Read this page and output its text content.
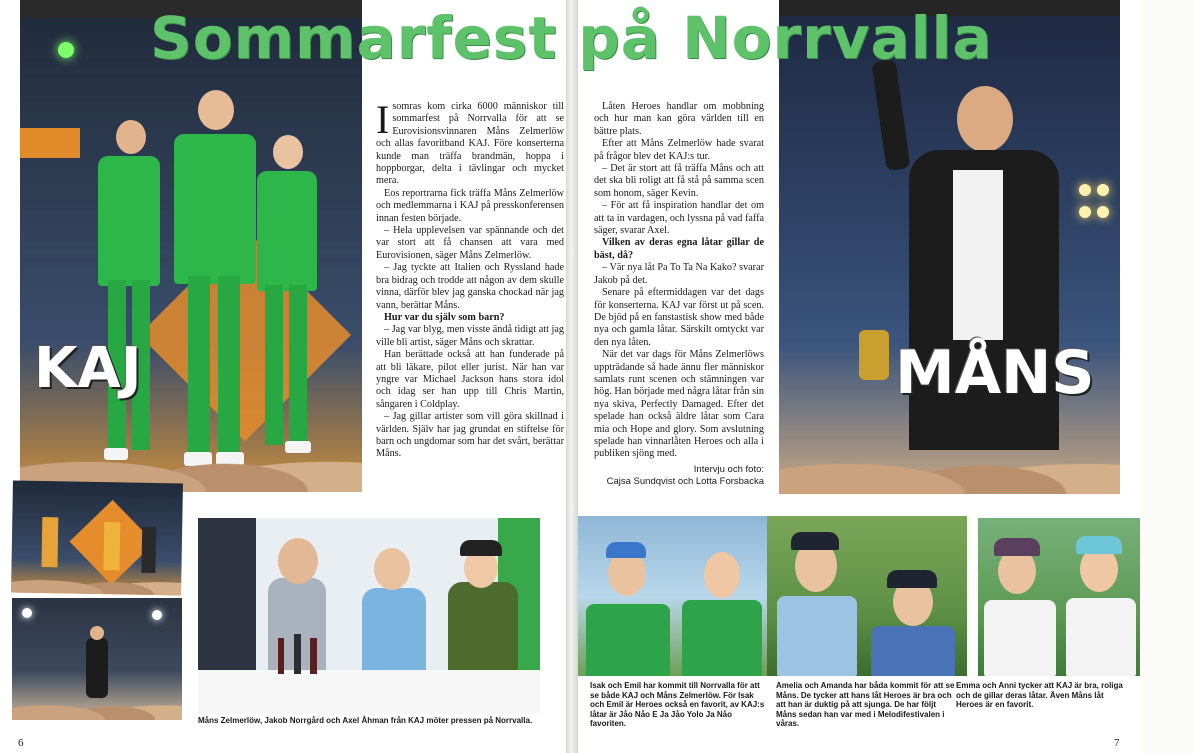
Sommarfest på Norrvalla
KAJ

Isomras kom cirka 6000 människor till sommarfest på Norrvalla för att se Eurovisionsvinnaren Måns Zelmerlöw och allas favoritband KAJ. Före konserterna kunde man träffa brandmän, hoppa i hoppborgar, delta i tävlingar och mycket mera.

Eos reportrarna fick träffa Måns Zelmerlöw och medlemmarna i KAJ på presskonferensen innan festen började.

– Hela upplevelsen var spännande och det var stort att få chansen att vara med Eurovisionen, säger Måns Zelmerlöw.

– Jag tyckte att Italien och Ryssland hade bra bidrag och trodde att någon av dem skulle vinna, därför blev jag ganska chockad när jag vann, berättar Måns.

Hur var du själv som barn?

– Jag var blyg, men visste ändå tidigt att jag ville bli artist, säger Måns och skrattar.

Han berättade också att han funderade på att bli läkare, pilot eller jurist. När han var yngre var Michael Jackson hans stora idol och idag ser han upp till Chris Martin, sångaren i Coldplay.

– Jag gillar artister som vill göra skillnad i världen. Själv har jag grundat en stiftelse för barn och ungdomar som har det svårt, berättar Måns.

Måns Zelmerlöw, Jakob Norrgård och Axel Åhman från KAJ möter pressen på Norrvalla.

Låten Heroes handlar om mobbning och hur man kan göra världen till en bättre plats.

Efter att Måns Zelmerlöw hade svarat på frågor blev det KAJ:s tur.

– Det är stort att få träffa Måns och att det ska bli roligt att få stå på samma scen som honom, säger Kevin.

– För att få inspiration handlar det om att ta in vardagen, och lyssna på vad faffa säger, svarar Axel.

Vilken av deras egna låtar gillar de bäst, då?

– Vär nya låt Pa To Ta Na Kako? svarar Jakob på det.

Senare på eftermiddagen var det dags för konserterna. KAJ var först ut på scen. De bjöd på en fanstastisk show med både nya och gamla låtar. Särskilt omtyckt var den nya låten.

När det var dags för Måns Zelmerlöws uppträdande så hade ännu fler människor samlats runt scenen och stämningen var hög. Han började med några låtar från sin nya skiva, Perfectly Damaged. Efter det spelade han också äldre låtar som Cara mia och Hope and glory. Som avslutning spelade han vinnarlåten Heroes och alla i publiken sjöng med.

Intervju och foto:
Cajsa Sundqvist och Lotta Forsbacka
MÅNS
Isak och Emil har kommit till Norrvalla för att se både KAJ och Måns Zelmerlöw. För Isak och Emil är Heroes också en favorit, av KAJ:s låtar är Jåo Nåo E Ja Jåo Yolo Ja Nåo favoriten.
Amelia och Amanda har båda kommit för att se Måns. De tycker att hans låt Heroes är bra och att han är duktig på att sjunga. De har följt Måns sedan han var med i Melodifestivalen i våras.
Emma och Anni tycker att KAJ är bra, roliga och de gillar deras låtar. Även Måns låt Heroes är en favorit.
6	7
